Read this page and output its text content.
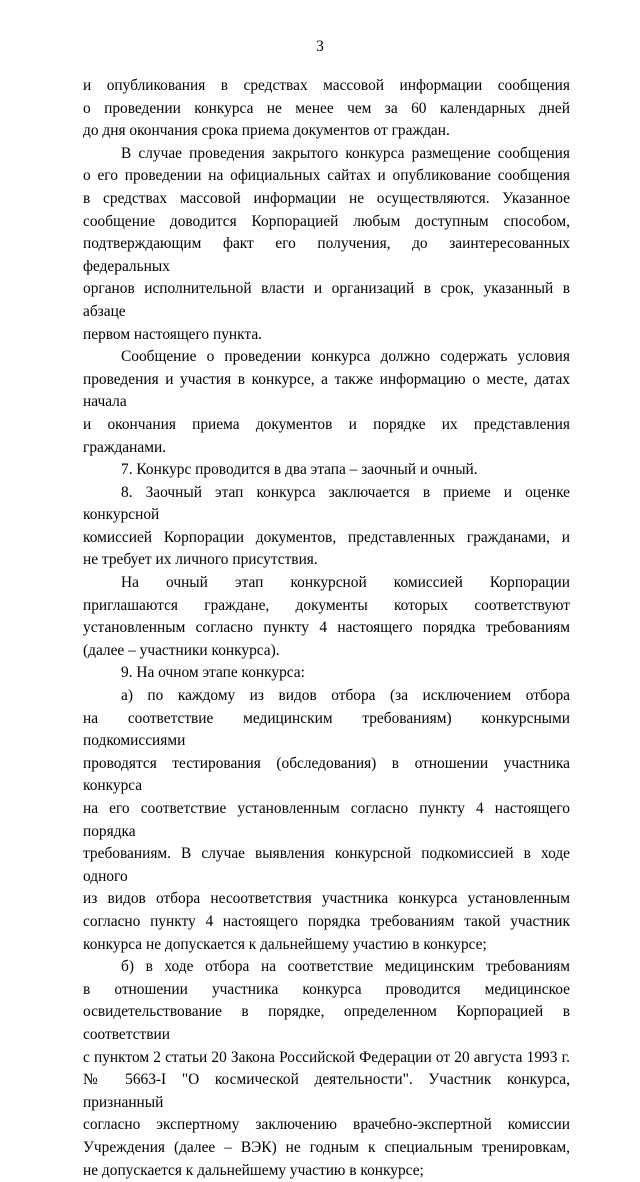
3
и опубликования в средствах массовой информации сообщения
о проведении конкурса не менее чем за 60 календарных дней
до дня окончания срока приема документов от граждан.
В случае проведения закрытого конкурса размещение сообщения
о его проведении на официальных сайтах и опубликование сообщения
в средствах массовой информации не осуществляются. Указанное
сообщение доводится Корпорацией любым доступным способом,
подтверждающим факт его получения, до заинтересованных федеральных
органов исполнительной власти и организаций в срок, указанный в абзаце
первом настоящего пункта.
Сообщение о проведении конкурса должно содержать условия
проведения и участия в конкурсе, а также информацию о месте, датах начала
и окончания приема документов и порядке их представления гражданами.
7. Конкурс проводится в два этапа – заочный и очный.
8. Заочный этап конкурса заключается в приеме и оценке конкурсной
комиссией Корпорации документов, представленных гражданами, и
не требует их личного присутствия.
На очный этап конкурсной комиссией Корпорации
приглашаются граждане, документы которых соответствуют
установленным согласно пункту 4 настоящего порядка требованиям
(далее – участники конкурса).
9. На очном этапе конкурса:
а) по каждому из видов отбора (за исключением отбора
на соответствие медицинским требованиям) конкурсными подкомиссиями
проводятся тестирования (обследования) в отношении участника конкурса
на его соответствие установленным согласно пункту 4 настоящего порядка
требованиям. В случае выявления конкурсной подкомиссией в ходе одного
из видов отбора несоответствия участника конкурса установленным
согласно пункту 4 настоящего порядка требованиям такой участник
конкурса не допускается к дальнейшему участию в конкурсе;
б) в ходе отбора на соответствие медицинским требованиям
в отношении участника конкурса проводится медицинское
освидетельствование в порядке, определенном Корпорацией в соответствии
с пунктом 2 статьи 20 Закона Российской Федерации от 20 августа 1993 г.
№ 5663-I "О космической деятельности". Участник конкурса, признанный
согласно экспертному заключению врачебно-экспертной комиссии
Учреждения (далее – ВЭК) не годным к специальным тренировкам,
не допускается к дальнейшему участию в конкурсе;
